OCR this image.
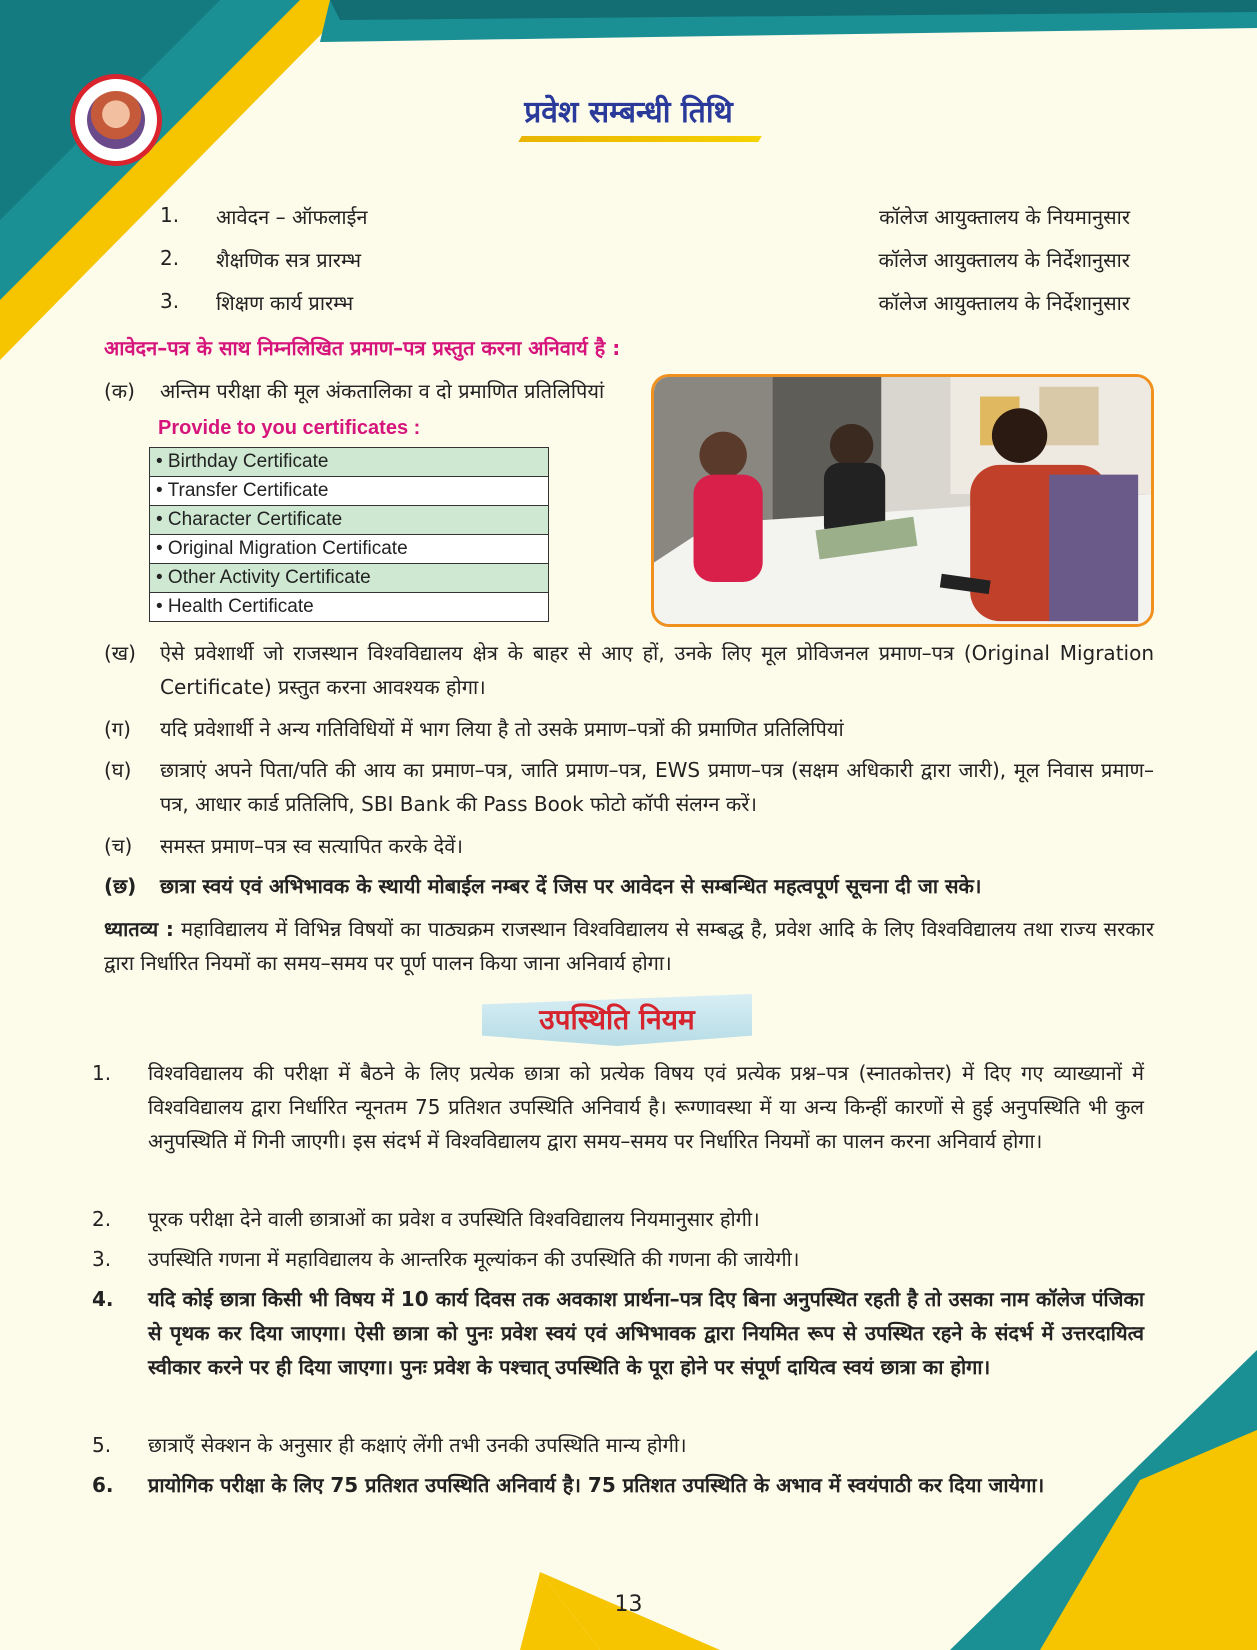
प्रवेश सम्बन्धी तिथि
1. आवेदन – ऑफलाईन	कॉलेज आयुक्तालय के नियमानुसार
2. शैक्षणिक सत्र प्रारम्भ	कॉलेज आयुक्तालय के निर्देशानुसार
3. शिक्षण कार्य प्रारम्भ	कॉलेज आयुक्तालय के निर्देशानुसार
आवेदन–पत्र के साथ निम्नलिखित प्रमाण–पत्र प्रस्तुत करना अनिवार्य है :
(क) अन्तिम परीक्षा की मूल अंकतालिका व दो प्रमाणित प्रतिलिपियां
Provide to you certificates :
• Birthday Certificate
• Transfer Certificate
• Character Certificate
• Original Migration Certificate
• Other Activity Certificate
• Health Certificate
(ख) ऐसे प्रवेशार्थी जो राजस्थान विश्वविद्यालय क्षेत्र के बाहर से आए हों, उनके लिए मूल प्रोविजनल प्रमाण–पत्र (Original Migration Certificate) प्रस्तुत करना आवश्यक होगा।
(ग) यदि प्रवेशार्थी ने अन्य गतिविधियों में भाग लिया है तो उसके प्रमाण–पत्रों की प्रमाणित प्रतिलिपियां
(घ) छात्राएं अपने पिता/पति की आय का प्रमाण–पत्र, जाति प्रमाण–पत्र, EWS प्रमाण–पत्र (सक्षम अधिकारी द्वारा जारी), मूल निवास प्रमाण–पत्र, आधार कार्ड प्रतिलिपि, SBI Bank की Pass Book फोटो कॉपी संलग्न करें।
(च) समस्त प्रमाण–पत्र स्व सत्यापित करके देवें।
(छ) छात्रा स्वयं एवं अभिभावक के स्थायी मोबाईल नम्बर दें जिस पर आवेदन से सम्बन्धित महत्वपूर्ण सूचना दी जा सके।
ध्यातव्य : महाविद्यालय में विभिन्न विषयों का पाठ्यक्रम राजस्थान विश्वविद्यालय से सम्बद्ध है, प्रवेश आदि के लिए विश्वविद्यालय तथा राज्य सरकार द्वारा निर्धारित नियमों का समय–समय पर पूर्ण पालन किया जाना अनिवार्य होगा।
उपस्थिति नियम
1. विश्वविद्यालय की परीक्षा में बैठने के लिए प्रत्येक छात्रा को प्रत्येक विषय एवं प्रत्येक प्रश्न–पत्र (स्नातकोत्तर) में दिए गए व्याख्यानों में विश्वविद्यालय द्वारा निर्धारित न्यूनतम 75 प्रतिशत उपस्थिति अनिवार्य है। रूग्णावस्था में या अन्य किन्हीं कारणों से हुई अनुपस्थिति भी कुल अनुपस्थिति में गिनी जाएगी। इस संदर्भ में विश्वविद्यालय द्वारा समय–समय पर निर्धारित नियमों का पालन करना अनिवार्य होगा।
2. पूरक परीक्षा देने वाली छात्राओं का प्रवेश व उपस्थिति विश्वविद्यालय नियमानुसार होगी।
3. उपस्थिति गणना में महाविद्यालय के आन्तरिक मूल्यांकन की उपस्थिति की गणना की जायेगी।
4. यदि कोई छात्रा किसी भी विषय में 10 कार्य दिवस तक अवकाश प्रार्थना–पत्र दिए बिना अनुपस्थित रहती है तो उसका नाम कॉलेज पंजिका से पृथक कर दिया जाएगा। ऐसी छात्रा को पुनः प्रवेश स्वयं एवं अभिभावक द्वारा नियमित रूप से उपस्थित रहने के संदर्भ में उत्तरदायित्व स्वीकार करने पर ही दिया जाएगा। पुनः प्रवेश के पश्चात् उपस्थिति के पूरा होने पर संपूर्ण दायित्व स्वयं छात्रा का होगा।
5. छात्राएँ सेक्शन के अनुसार ही कक्षाएं लेंगी तभी उनकी उपस्थिति मान्य होगी।
6. प्रायोगिक परीक्षा के लिए 75 प्रतिशत उपस्थिति अनिवार्य है। 75 प्रतिशत उपस्थिति के अभाव में स्वयंपाठी कर दिया जायेगा।
13
